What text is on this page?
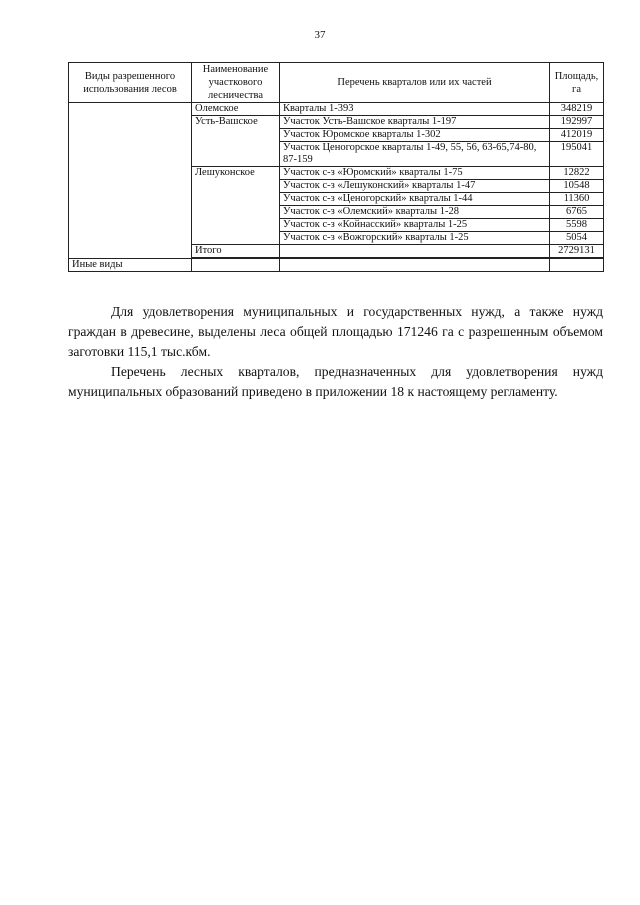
37
Виды разрешенного использования лесов	Наименование участкового лесничества	Перечень кварталов или их частей	Площадь, га
	Олемское	Кварталы 1-393	348219
	Усть-Вашское	Участок Усть-Вашское кварталы 1-197	192997
		Участок Юромское кварталы 1-302	412019
		Участок Ценогорское кварталы 1-49, 55, 56, 63-65,74-80, 87-159	195041
	Лешуконское	Участок с-з «Юромский» кварталы 1-75	12822
		Участок с-з «Лешуконский» кварталы 1-47	10548
		Участок с-з «Ценогорский» кварталы 1-44	11360
		Участок с-з «Олемский» кварталы 1-28	6765
		Участок с-з «Койнасский» кварталы 1-25	5598
		Участок с-з «Вожгорский» кварталы 1-25	5054
	Итого		2729131

Иные виды			

Для удовлетворения муниципальных и государственных нужд, а также нужд граждан в древесине, выделены леса общей площадью 171246 га с разрешенным объемом заготовки 115,1 тыс.кбм.

Перечень лесных кварталов, предназначенных для удовлетворения нужд муниципальных образований приведено в приложении 18 к настоящему регламенту.
